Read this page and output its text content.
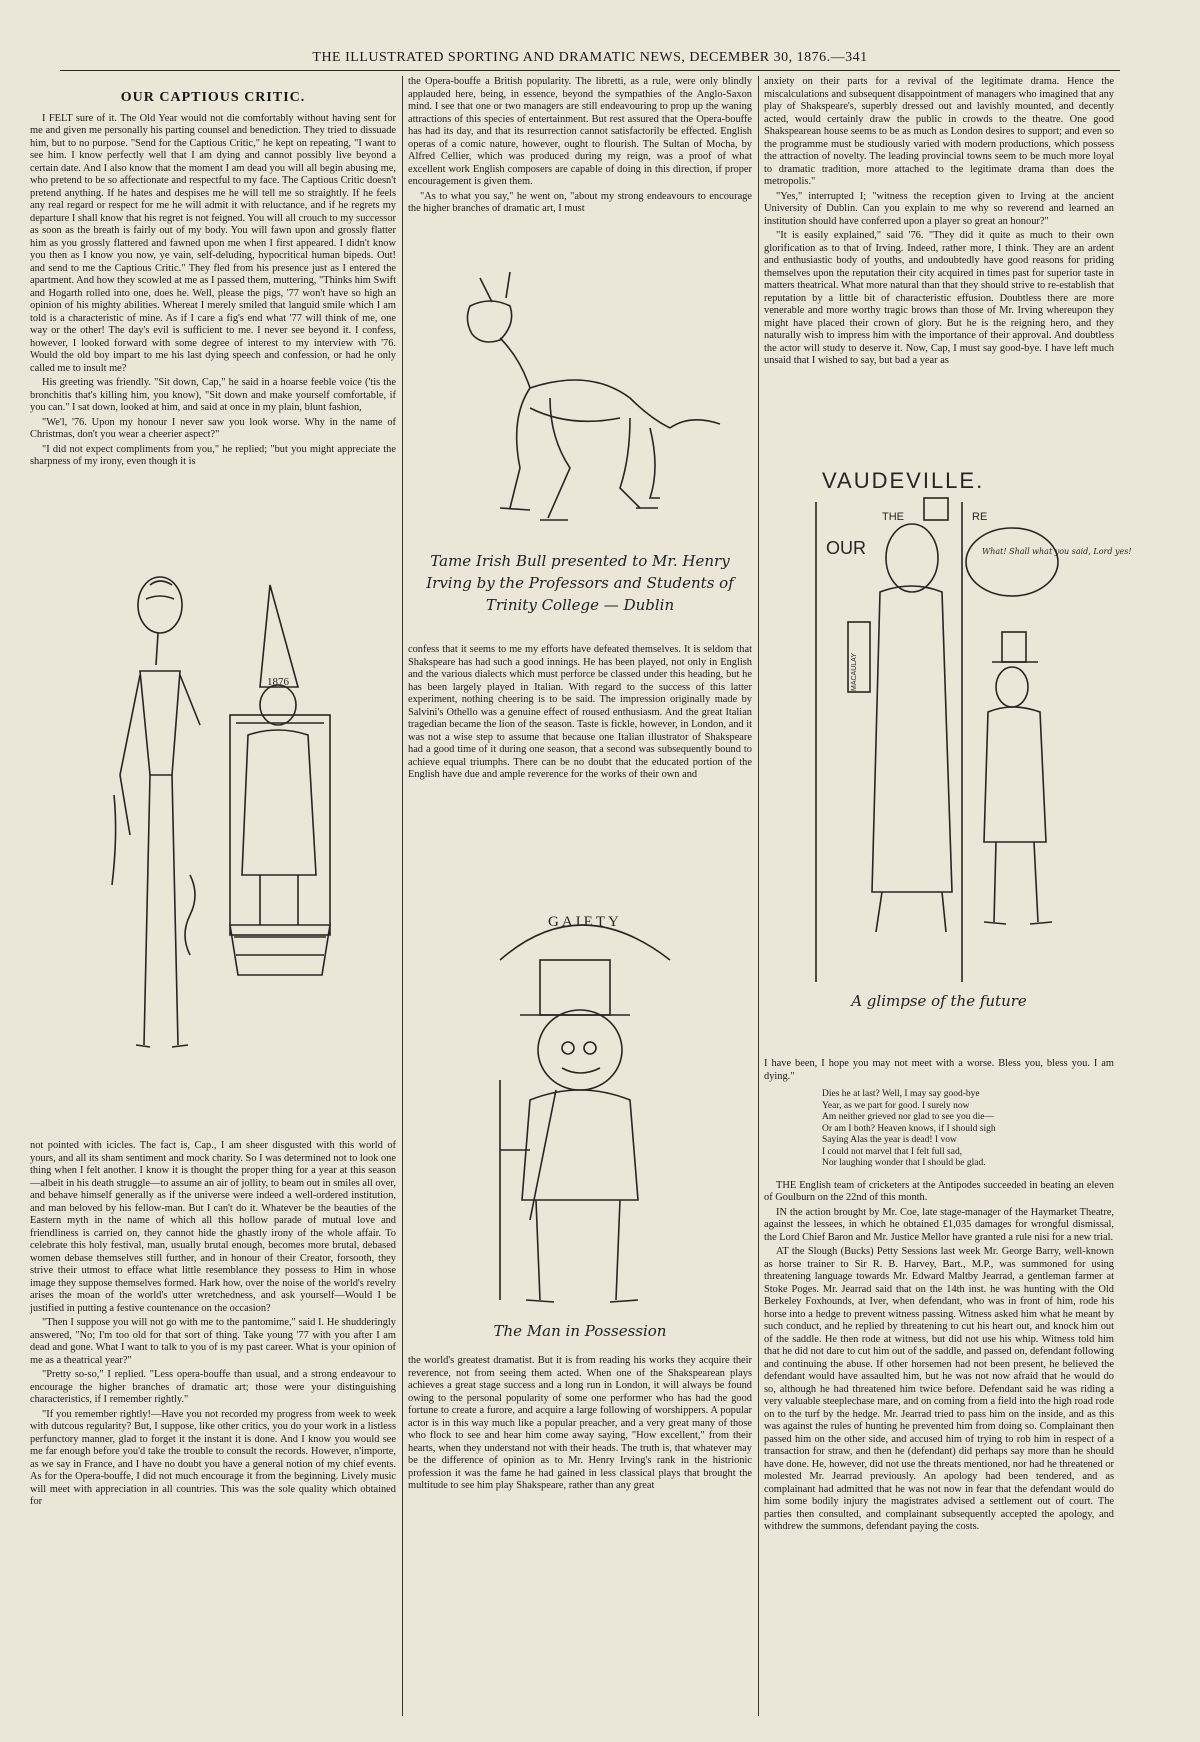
THE ILLUSTRATED SPORTING AND DRAMATIC NEWS, DECEMBER 30, 1876.—341
OUR CAPTIOUS CRITIC.

I FELT sure of it. The Old Year would not die comfortably without having sent for me and given me personally his parting counsel and benediction. They tried to dissuade him, but to no purpose. "Send for the Captious Critic," he kept on repeating, "I want to see him. I know perfectly well that I am dying and cannot possibly live beyond a certain date. And I also know that the moment I am dead you will all begin abusing me, who pretend to be so affectionate and respectful to my face. The Captious Critic doesn't pretend anything. If he hates and despises me he will tell me so straightly. If he feels any real regard or respect for me he will admit it with reluctance, and if he regrets my departure I shall know that his regret is not feigned. You will all crouch to my successor as soon as the breath is fairly out of my body. You will fawn upon and grossly flatter him as you grossly flattered and fawned upon me when I first appeared. I didn't know you then as I know you now, ye vain, self-deluding, hypocritical human bipeds. Out! and send to me the Captious Critic." They fled from his presence just as I entered the apartment. And how they scowled at me as I passed them, muttering, "Thinks him Swift and Hogarth rolled into one, does he. Well, please the pigs, '77 won't have so high an opinion of his mighty abilities. Whereat I merely smiled that languid smile which I am told is a characteristic of mine. As if I care a fig's end what '77 will think of me, one way or the other! The day's evil is sufficient to me. I never see beyond it. I confess, however, I looked forward with some degree of interest to my interview with '76. Would the old boy impart to me his last dying speech and confession, or had he only called me to insult me?

His greeting was friendly. "Sit down, Cap," he said in a hoarse feeble voice ('tis the bronchitis that's killing him, you know), "Sit down and make yourself comfortable, if you can." I sat down, looked at him, and said at once in my plain, blunt fashion,

"We'l, '76. Upon my honour I never saw you look worse. Why in the name of Christmas, don't you wear a cheerier aspect?"

"I did not expect compliments from you," he replied; "but you might appreciate the sharpness of my irony, even though it is

1876

not pointed with icicles. The fact is, Cap., I am sheer disgusted with this world of yours, and all its sham sentiment and mock charity. So I was determined not to look one thing when I felt another. I know it is thought the proper thing for a year at this season—albeit in his death struggle—to assume an air of jollity, to beam out in smiles all over, and behave himself generally as if the universe were indeed a well-ordered institution, and man beloved by his fellow-man. But I can't do it. Whatever be the beauties of the Eastern myth in the name of which all this hollow parade of mutual love and friendliness is carried on, they cannot hide the ghastly irony of the whole affair. To celebrate this holy festival, man, usually brutal enough, becomes more brutal, debased women debase themselves still further, and in honour of their Creator, forsooth, they strive their utmost to efface what little resemblance they possess to Him in whose image they suppose themselves formed. Hark how, over the noise of the world's revelry arises the moan of the world's utter wretchedness, and ask yourself—Would I be justified in putting a festive countenance on the occasion?

"Then I suppose you will not go with me to the pantomime," said I. He shudderingly answered, "No; I'm too old for that sort of thing. Take young '77 with you after I am dead and gone. What I want to talk to you of is my past career. What is your opinion of me as a theatrical year?"

"Pretty so-so," I replied. "Less opera-bouffe than usual, and a strong endeavour to encourage the higher branches of dramatic art; those were your distinguishing characteristics, if I remember rightly."

"If you remember rightly!—Have you not recorded my progress from week to week with dutcous regularity? But, I suppose, like other critics, you do your work in a listless perfunctory manner, glad to forget it the instant it is done. And I know you would see me far enough before you'd take the trouble to consult the records. However, n'importe, as we say in France, and I have no doubt you have a general notion of my chief events. As for the Opera-bouffe, I did not much encourage it from the beginning. Lively music will meet with appreciation in all countries. This was the sole quality which obtained for

the Opera-bouffe a British popularity. The libretti, as a rule, were only blindly applauded here, being, in essence, beyond the sympathies of the Anglo-Saxon mind. I see that one or two managers are still endeavouring to prop up the waning attractions of this species of entertainment. But rest assured that the Opera-bouffe has had its day, and that its resurrection cannot satisfactorily be effected. English operas of a comic nature, however, ought to flourish. The Sultan of Mocha, by Alfred Cellier, which was produced during my reign, was a proof of what excellent work English composers are capable of doing in this direction, if proper encouragement is given them.

"As to what you say," he went on, "about my strong endeavours to encourage the higher branches of dramatic art, I must

Tame Irish Bull presented to Mr. Henry Irving by the Professors and Students of Trinity College — Dublin

confess that it seems to me my efforts have defeated themselves. It is seldom that Shakspeare has had such a good innings. He has been played, not only in English and the various dialects which must perforce be classed under this heading, but he has been largely played in Italian. With regard to the success of this latter experiment, nothing cheering is to be said. The impression originally made by Salvini's Othello was a genuine effect of roused enthusiasm. And the great Italian tragedian became the lion of the season. Taste is fickle, however, in London, and it was not a wise step to assume that because one Italian illustrator of Shakspeare had a good time of it during one season, that a second was subsequently bound to achieve equal triumphs. There can be no doubt that the educated portion of the English have due and ample reverence for the works of their own and

GAIETY
The Man in Possession

the world's greatest dramatist. But it is from reading his works they acquire their reverence, not from seeing them acted. When one of the Shakspearean plays achieves a great stage success and a long run in London, it will always be found owing to the personal popularity of some one performer who has had the good fortune to create a furore, and acquire a large following of worshippers. A popular actor is in this way much like a popular preacher, and a very great many of those who flock to see and hear him come away saying, "How excellent," from their hearts, when they understand not with their heads. The truth is, that whatever may be the difference of opinion as to Mr. Henry Irving's rank in the histrionic profession it was the fame he had gained in less classical plays that brought the multitude to see him play Shakspeare, rather than any great

anxiety on their parts for a revival of the legitimate drama. Hence the miscalculations and subsequent disappointment of managers who imagined that any play of Shakspeare's, superbly dressed out and lavishly mounted, and decently acted, would certainly draw the public in crowds to the theatre. One good Shakspearean house seems to be as much as London desires to support; and even so the programme must be studiously varied with modern productions, which possess the attraction of novelty. The leading provincial towns seem to be much more loyal to dramatic tradition, more attached to the legitimate drama than does the metropolis."

"Yes," interrupted I; "witness the reception given to Irving at the ancient University of Dublin. Can you explain to me why so reverend and learned an institution should have conferred upon a player so great an honour?"

"It is easily explained," said '76. "They did it quite as much to their own glorification as to that of Irving. Indeed, rather more, I think. They are an ardent and enthusiastic body of youths, and undoubtedly have good reasons for priding themselves upon the reputation their city acquired in times past for superior taste in matters theatrical. What more natural than that they should strive to re-establish that reputation by a little bit of characteristic effusion. Doubtless there are more venerable and more worthy tragic brows than those of Mr. Irving whereupon they might have placed their crown of glory. But he is the reigning hero, and they naturally wish to impress him with the importance of their approval. And doubtless the actor will study to deserve it. Now, Cap, I must say good-bye. I have left much unsaid that I wished to say, but bad a year as

VAUDEVILLE.
THE	RE
OUR	What! Shall what you said, Lord yes!
MACAULAY
A glimpse of the future

I have been, I hope you may not meet with a worse. Bless you, bless you. I am dying."

Dies he at last? Well, I may say good-bye
Year, as we part for good. I surely now
Am neither grieved nor glad to see you die—
Or am I both? Heaven knows, if I should sigh
Saying Alas the year is dead! I vow
I could not marvel that I felt full sad,
Nor laughing wonder that I should be glad.

THE English team of cricketers at the Antipodes succeeded in beating an eleven of Goulburn on the 22nd of this month.

IN the action brought by Mr. Coe, late stage-manager of the Haymarket Theatre, against the lessees, in which he obtained £1,035 damages for wrongful dismissal, the Lord Chief Baron and Mr. Justice Mellor have granted a rule nisi for a new trial.

AT the Slough (Bucks) Petty Sessions last week Mr. George Barry, well-known as horse trainer to Sir R. B. Harvey, Bart., M.P., was summoned for using threatening language towards Mr. Edward Maltby Jearrad, a gentleman farmer at Stoke Poges. Mr. Jearrad said that on the 14th inst. he was hunting with the Old Berkeley Foxhounds, at Iver, when defendant, who was in front of him, rode his horse into a hedge to prevent witness passing. Witness asked him what he meant by such conduct, and he replied by threatening to cut his heart out, and knock him out of the saddle. He then rode at witness, but did not use his whip. Witness told him that he did not dare to cut him out of the saddle, and passed on, defendant following and continuing the abuse. If other horsemen had not been present, he believed the defendant would have assaulted him, but he was not now afraid that he would do so, although he had threatened him twice before. Defendant said he was riding a very valuable steeplechase mare, and on coming from a field into the high road rode on to the turf by the hedge. Mr. Jearrad tried to pass him on the inside, and as this was against the rules of hunting he prevented him from doing so. Complainant then passed him on the other side, and accused him of trying to rob him in respect of a transaction for straw, and then he (defendant) did perhaps say more than he should have done. He, however, did not use the threats mentioned, nor had he threatened or molested Mr. Jearrad previously. An apology had been tendered, and as complainant had admitted that he was not now in fear that the defendant would do him some bodily injury the magistrates advised a settlement out of court. The parties then consulted, and complainant subsequently accepted the apology, and withdrew the summons, defendant paying the costs.
